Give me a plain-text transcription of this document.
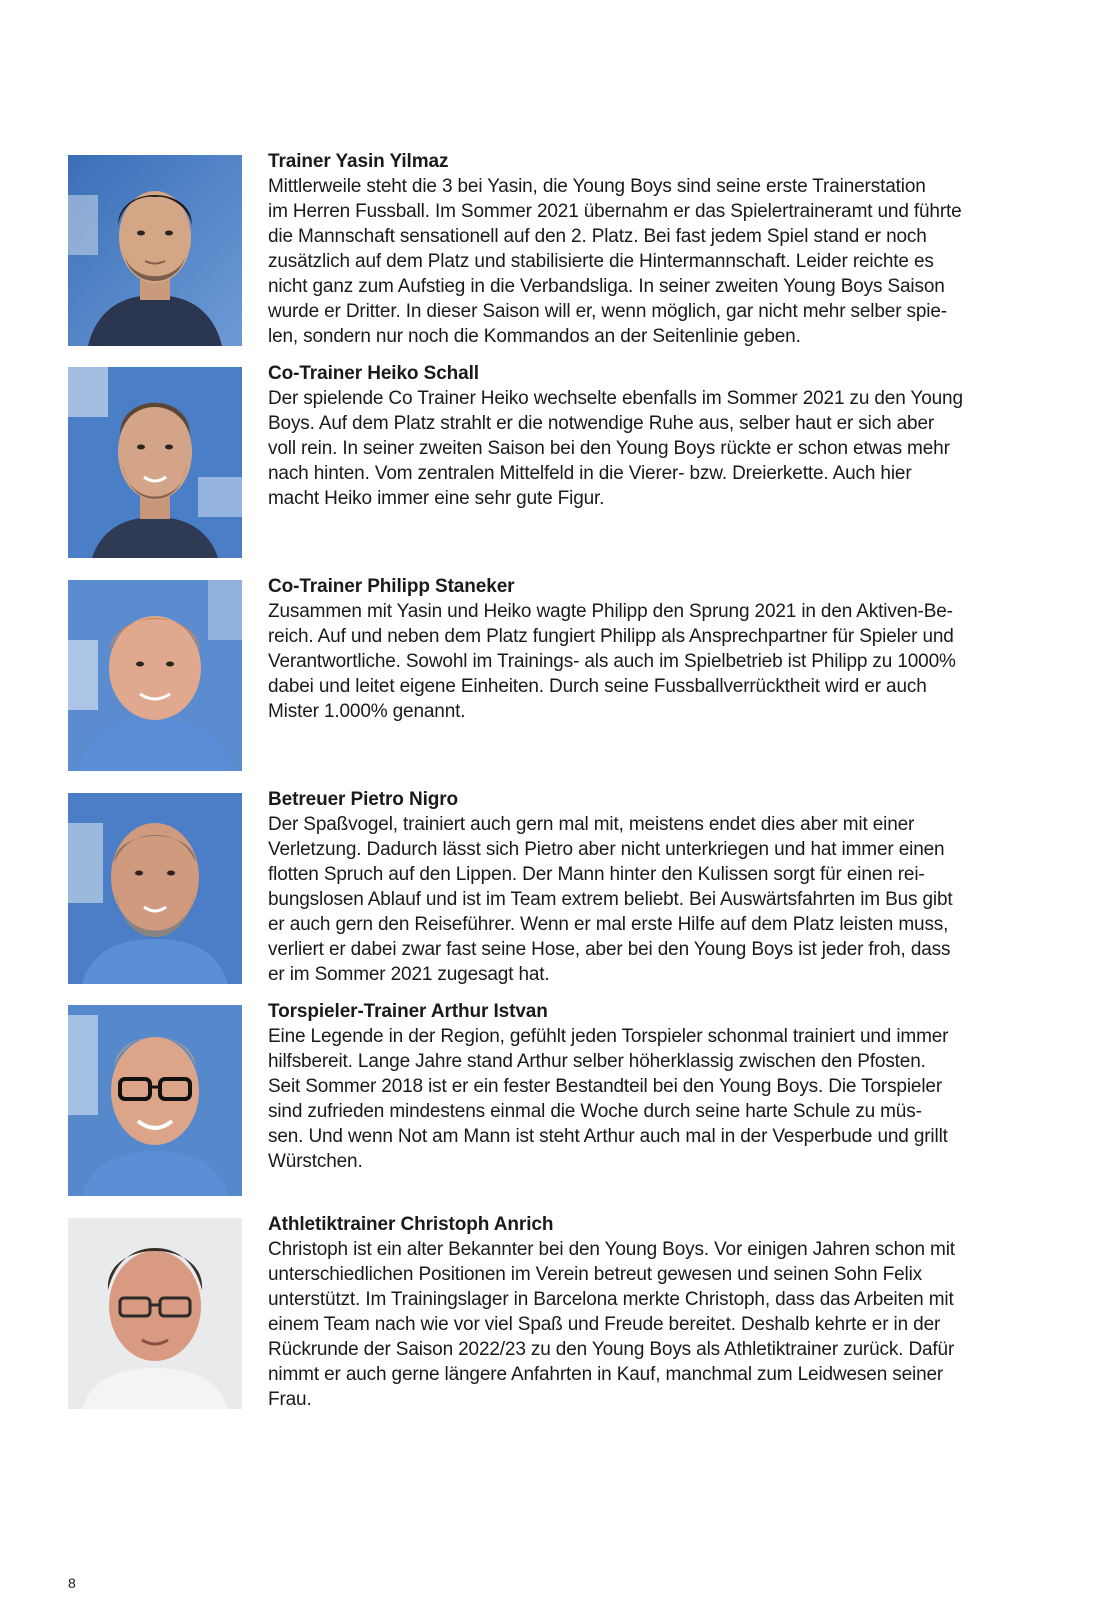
Trainer Yasin Yilmaz

Mittlerweile steht die 3 bei Yasin, die Young Boys sind seine erste Trainerstation
im Herren Fussball. Im Sommer 2021 übernahm er das Spielertraineramt und führte
die Mannschaft sensationell auf den 2. Platz. Bei fast jedem Spiel stand er noch
zusätzlich auf dem Platz und stabilisierte die Hintermannschaft. Leider reichte es
nicht ganz zum Aufstieg in die Verbandsliga. In seiner zweiten Young Boys Saison
wurde er Dritter. In dieser Saison will er, wenn möglich, gar nicht mehr selber spie-
len, sondern nur noch die Kommandos an der Seitenlinie geben.

Co-Trainer Heiko Schall

Der spielende Co Trainer Heiko wechselte ebenfalls im Sommer 2021 zu den Young
Boys. Auf dem Platz strahlt er die notwendige Ruhe aus, selber haut er sich aber
voll rein. In seiner zweiten Saison bei den Young Boys rückte er schon etwas mehr
nach hinten. Vom zentralen Mittelfeld in die Vierer- bzw. Dreierkette. Auch hier
macht Heiko immer eine sehr gute Figur.

Co-Trainer Philipp Staneker

Zusammen mit Yasin und Heiko wagte Philipp den Sprung 2021 in den Aktiven-Be-
reich. Auf und neben dem Platz fungiert Philipp als Ansprechpartner für Spieler und
Verantwortliche. Sowohl im Trainings- als auch im Spielbetrieb ist Philipp zu 1000%
dabei und leitet eigene Einheiten. Durch seine Fussballverrücktheit wird er auch
Mister 1.000% genannt.

Betreuer Pietro Nigro

Der Spaßvogel, trainiert auch gern mal mit, meistens endet dies aber mit einer
Verletzung. Dadurch lässt sich Pietro aber nicht unterkriegen und hat immer einen
flotten Spruch auf den Lippen. Der Mann hinter den Kulissen sorgt für einen rei-
bungslosen Ablauf und ist im Team extrem beliebt. Bei Auswärtsfahrten im Bus gibt
er auch gern den Reiseführer. Wenn er mal erste Hilfe auf dem Platz leisten muss,
verliert er dabei zwar fast seine Hose, aber bei den Young Boys ist jeder froh, dass
er im Sommer 2021 zugesagt hat.

Torspieler-Trainer Arthur Istvan

Eine Legende in der Region, gefühlt jeden Torspieler schonmal trainiert und immer
hilfsbereit. Lange Jahre stand Arthur selber höherklassig zwischen den Pfosten.
Seit Sommer 2018 ist er ein fester Bestandteil bei den Young Boys. Die Torspieler
sind zufrieden mindestens einmal die Woche durch seine harte Schule zu müs-
sen. Und wenn Not am Mann ist steht Arthur auch mal in der Vesperbude und grillt
Würstchen.

Athletiktrainer Christoph Anrich

Christoph ist ein alter Bekannter bei den Young Boys. Vor einigen Jahren schon mit
unterschiedlichen Positionen im Verein betreut gewesen und seinen Sohn Felix
unterstützt. Im Trainingslager in Barcelona merkte Christoph, dass das Arbeiten mit
einem Team nach wie vor viel Spaß und Freude bereitet. Deshalb kehrte er in der
Rückrunde der Saison 2022/23 zu den Young Boys als Athletiktrainer zurück. Dafür
nimmt er auch gerne längere Anfahrten in Kauf, manchmal zum Leidwesen seiner
Frau.

8
